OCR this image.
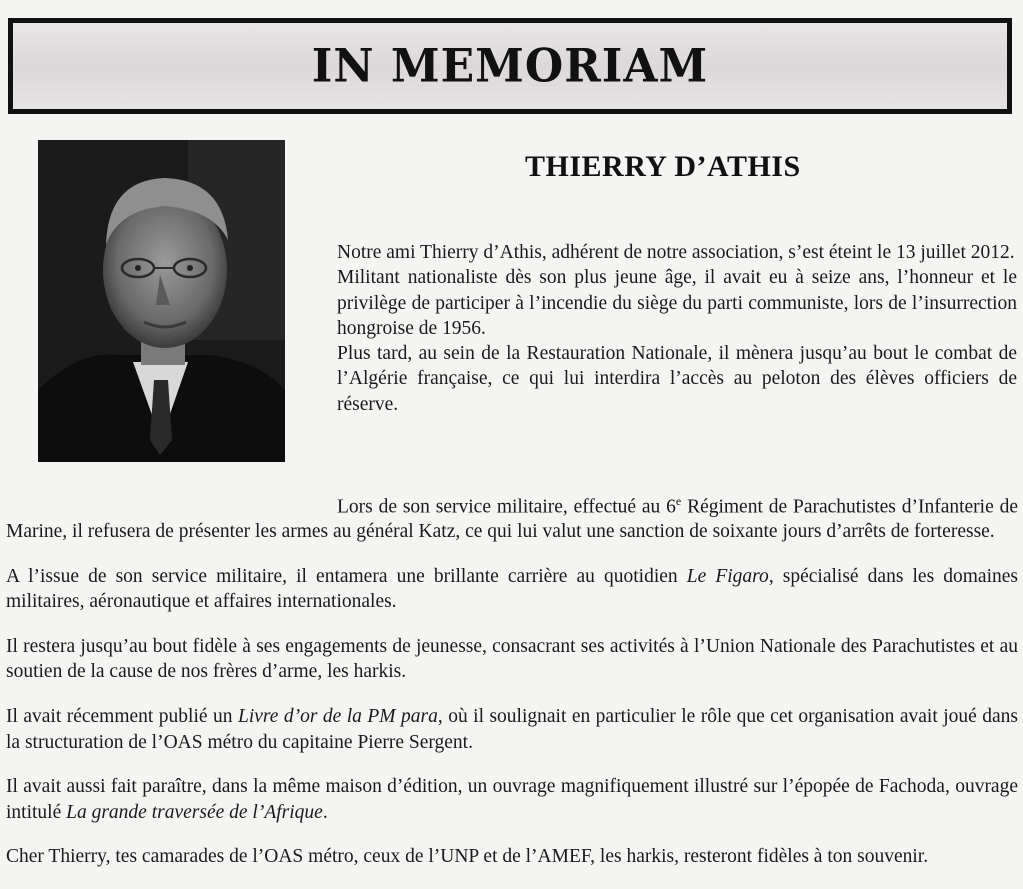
IN MEMORIAM
THIERRY D’ATHIS

Notre ami Thierry d’Athis, adhérent de notre association, s’est éteint le 13 juillet 2012.

Militant nationaliste dès son plus jeune âge, il avait eu à seize ans, l’honneur et le privilège de participer à l’incendie du siège du parti communiste, lors de l’insurrection hongroise de 1956.

Plus tard, au sein de la Restauration Nationale, il mènera jusqu’au bout le combat de l’Algérie française, ce qui lui interdira l’accès au peloton des élèves officiers de réserve.

Lors de son service militaire, effectué au 6e Régiment de Parachutistes d’Infanterie de Marine, il refusera de présenter les armes au général Katz, ce qui lui valut une sanction de soixante jours d’arrêts de forteresse.

A l’issue de son service militaire, il entamera une brillante carrière au quotidien Le Figaro, spécialisé dans les domaines militaires, aéronautique et affaires internationales.

Il restera jusqu’au bout fidèle à ses engagements de jeunesse, consacrant ses activités à l’Union Nationale des Parachutistes et au soutien de la cause de nos frères d’arme, les harkis.

Il avait récemment publié un Livre d’or de la PM para, où il soulignait en particulier le rôle que cet organisation avait joué dans la structuration de l’OAS métro du capitaine Pierre Sergent.

Il avait aussi fait paraître, dans la même maison d’édition, un ouvrage magnifiquement illustré sur l’épopée de Fachoda, ouvrage intitulé La grande traversée de l’Afrique.

Cher Thierry, tes camarades de l’OAS métro, ceux de l’UNP et de l’AMEF, les harkis, resteront fidèles à ton souvenir.
